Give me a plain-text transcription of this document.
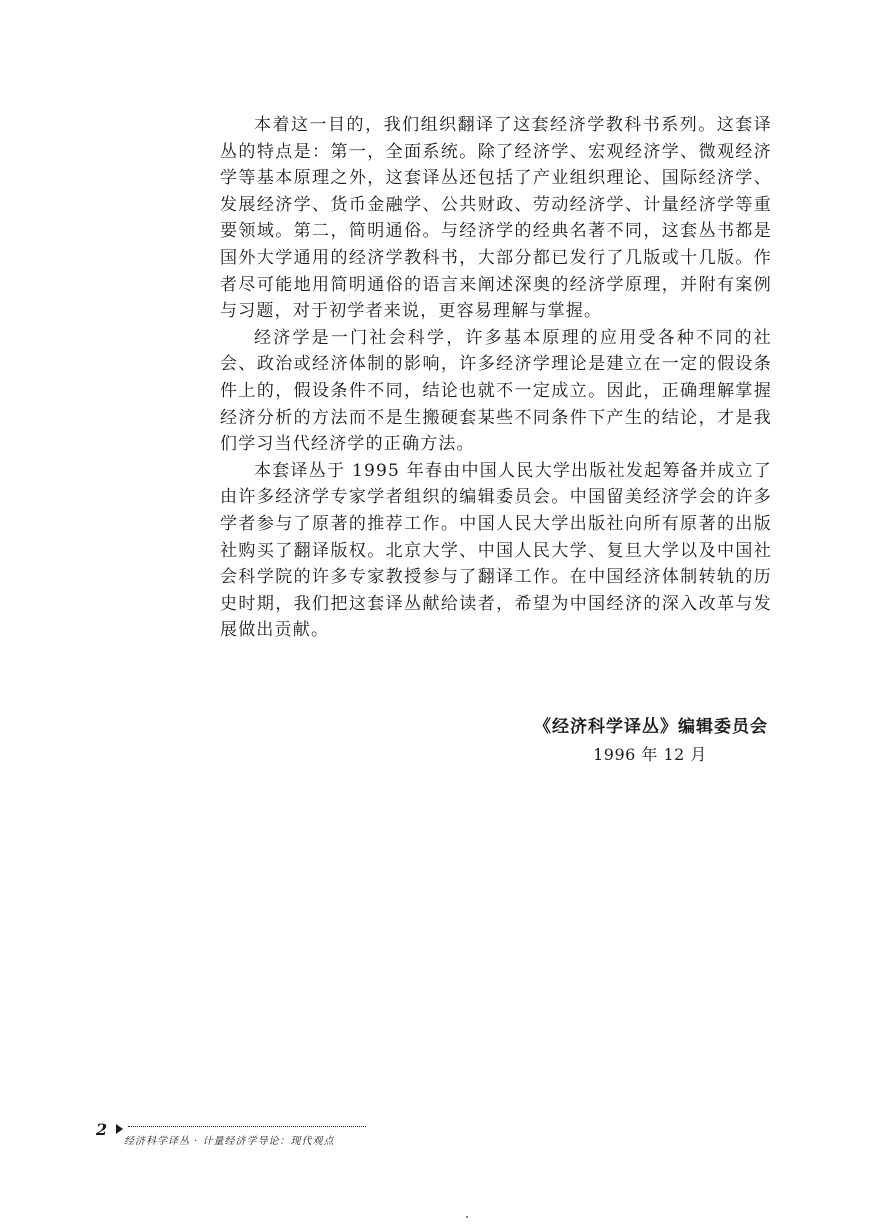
本着这一目的，我们组织翻译了这套经济学教科书系列。这套译丛的特点是：第一，全面系统。除了经济学、宏观经济学、微观经济学等基本原理之外，这套译丛还包括了产业组织理论、国际经济学、发展经济学、货币金融学、公共财政、劳动经济学、计量经济学等重要领域。第二，简明通俗。与经济学的经典名著不同，这套丛书都是国外大学通用的经济学教科书，大部分都已发行了几版或十几版。作者尽可能地用简明通俗的语言来阐述深奥的经济学原理，并附有案例与习题，对于初学者来说，更容易理解与掌握。

经济学是一门社会科学，许多基本原理的应用受各种不同的社会、政治或经济体制的影响，许多经济学理论是建立在一定的假设条件上的，假设条件不同，结论也就不一定成立。因此，正确理解掌握经济分析的方法而不是生搬硬套某些不同条件下产生的结论，才是我们学习当代经济学的正确方法。

本套译丛于 1995 年春由中国人民大学出版社发起筹备并成立了由许多经济学专家学者组织的编辑委员会。中国留美经济学会的许多学者参与了原著的推荐工作。中国人民大学出版社向所有原著的出版社购买了翻译版权。北京大学、中国人民大学、复旦大学以及中国社会科学院的许多专家教授参与了翻译工作。在中国经济体制转轨的历史时期，我们把这套译丛献给读者，希望为中国经济的深入改革与发展做出贡献。

《经济科学译丛》编辑委员会
1996 年 12 月
2
经济科学译丛 · 计量经济学导论：现代观点
